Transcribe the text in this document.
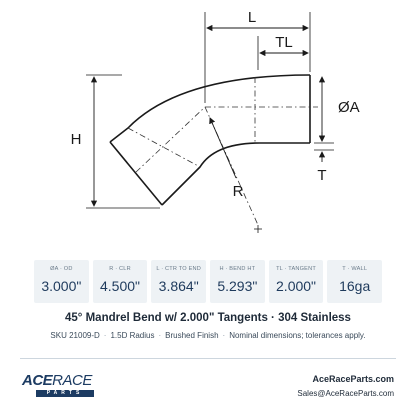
L
TL
ØA
H
R
T
ØA · OD
3.000"
R · CLR
4.500"
L · CTR TO END
3.864"
H · BEND HT
5.293"
TL · TANGENT
2.000"
T · WALL
16ga
45° Mandrel Bend w/ 2.000" Tangents · 304 Stainless
SKU 21009-D · 1.5D Radius · Brushed Finish · Nominal dimensions; tolerances apply.
ACERACE
PARTS
AceRaceParts.com
Sales@AceRaceParts.com
